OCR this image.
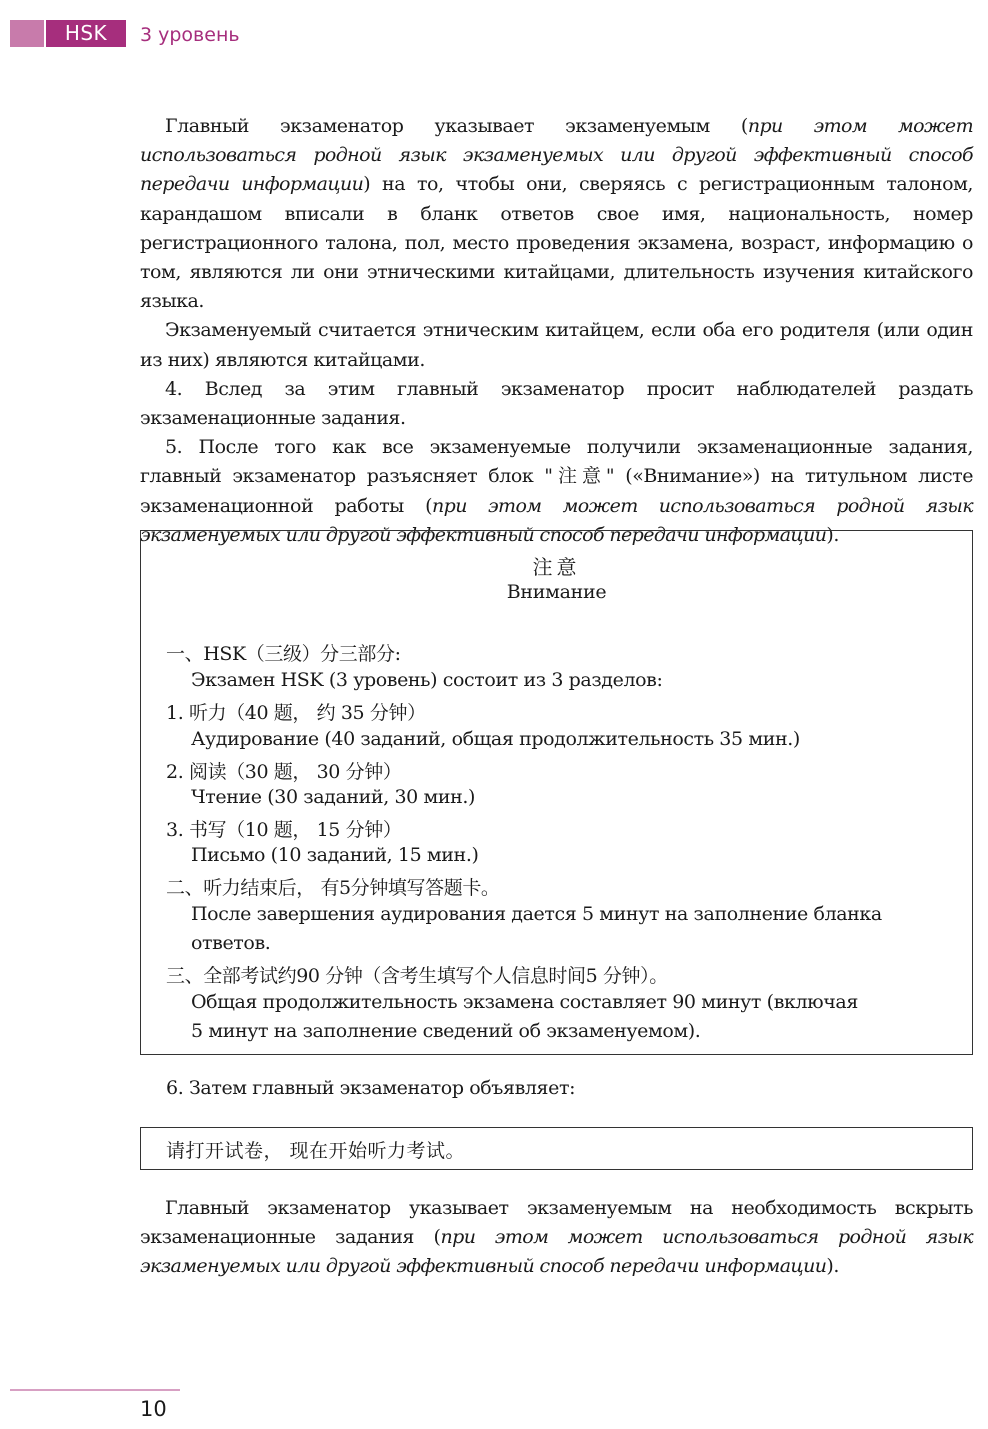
HSK	3 уровень

Главный экзаменатор указывает экзаменуемым (при этом может использоваться родной язык экзаменуемых или другой эффективный способ передачи информации) на то, чтобы они, сверяясь с регистрационным талоном, карандашом вписали в бланк ответов свое имя, национальность, номер регистрационного талона, пол, место проведения экзамена, возраст, информацию о том, являются ли они этническими китайцами, длительность изучения китайского языка.

Экзаменуемый считается этническим китайцем, если оба его родителя (или один из них) являются китайцами.

4. Вслед за этим главный экзаменатор просит наблюдателей раздать экзаменационные задания.

5. После того как все экзаменуемые получили экзаменационные задания, главный экзаменатор разъясняет блок "注意" («Внимание») на титульном листе экзаменационной работы (при этом может использоваться родной язык экзаменуемых или другой эффективный способ передачи информации).

注意
Внимание
一、HSK（三级）分三部分:
Экзамен HSK (3 уровень) состоит из 3 разделов:
1. 听力（40 题， 约 35 分钟）
Аудирование (40 заданий, общая продолжительность 35 мин.)
2. 阅读（30 题， 30 分钟）
Чтение (30 заданий, 30 мин.)
3. 书写（10 题， 15 分钟）
Письмо (10 заданий, 15 мин.)
二、听力结束后， 有5分钟填写答题卡。
После завершения аудирования дается 5 минут на заполнение бланка
ответов.
三、全部考试约90 分钟（含考生填写个人信息时间5 分钟）。
Общая продолжительность экзамена составляет 90 минут (включая
5 минут на заполнение сведений об экзаменуемом).
6. Затем главный экзаменатор объявляет:
请打开试卷， 现在开始听力考试。

Главный экзаменатор указывает экзаменуемым на необходимость вскрыть экзаменационные задания (при этом может использоваться родной язык экзаменуемых или другой эффективный способ передачи информации).

10
